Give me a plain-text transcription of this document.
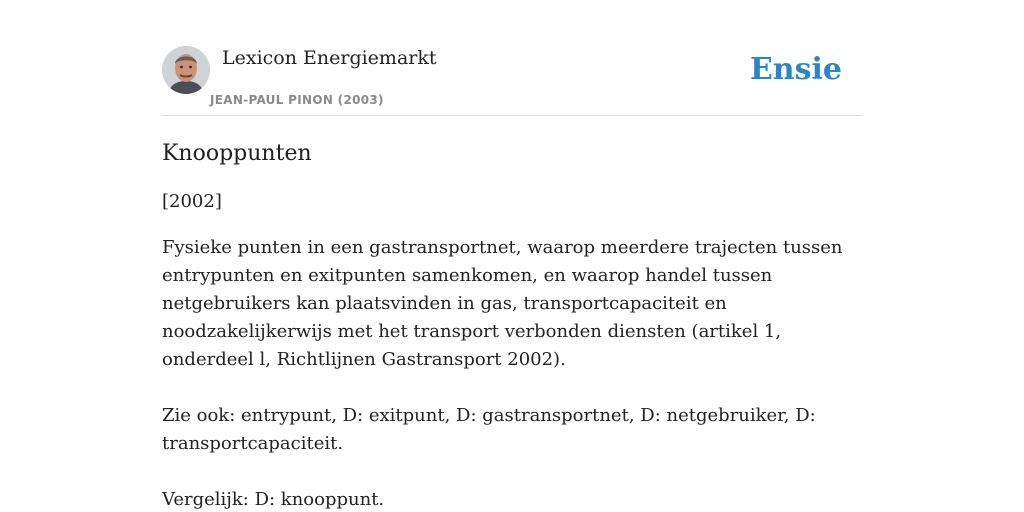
Lexicon Energiemarkt
JEAN-PAUL PINON (2003)
Ensie
Knooppunten

[2002]

Fysieke punten in een gastransportnet, waarop meerdere trajecten tussen entrypunten en exitpunten samenkomen, en waarop handel tussen netgebruikers kan plaatsvinden in gas, transportcapaciteit en noodzakelijkerwijs met het transport verbonden diensten (artikel 1, onderdeel l, Richtlijnen Gastransport 2002).

Zie ook: entrypunt, D: exitpunt, D: gastransportnet, D: netgebruiker, D: transportcapaciteit.

Vergelijk: D: knooppunt.
